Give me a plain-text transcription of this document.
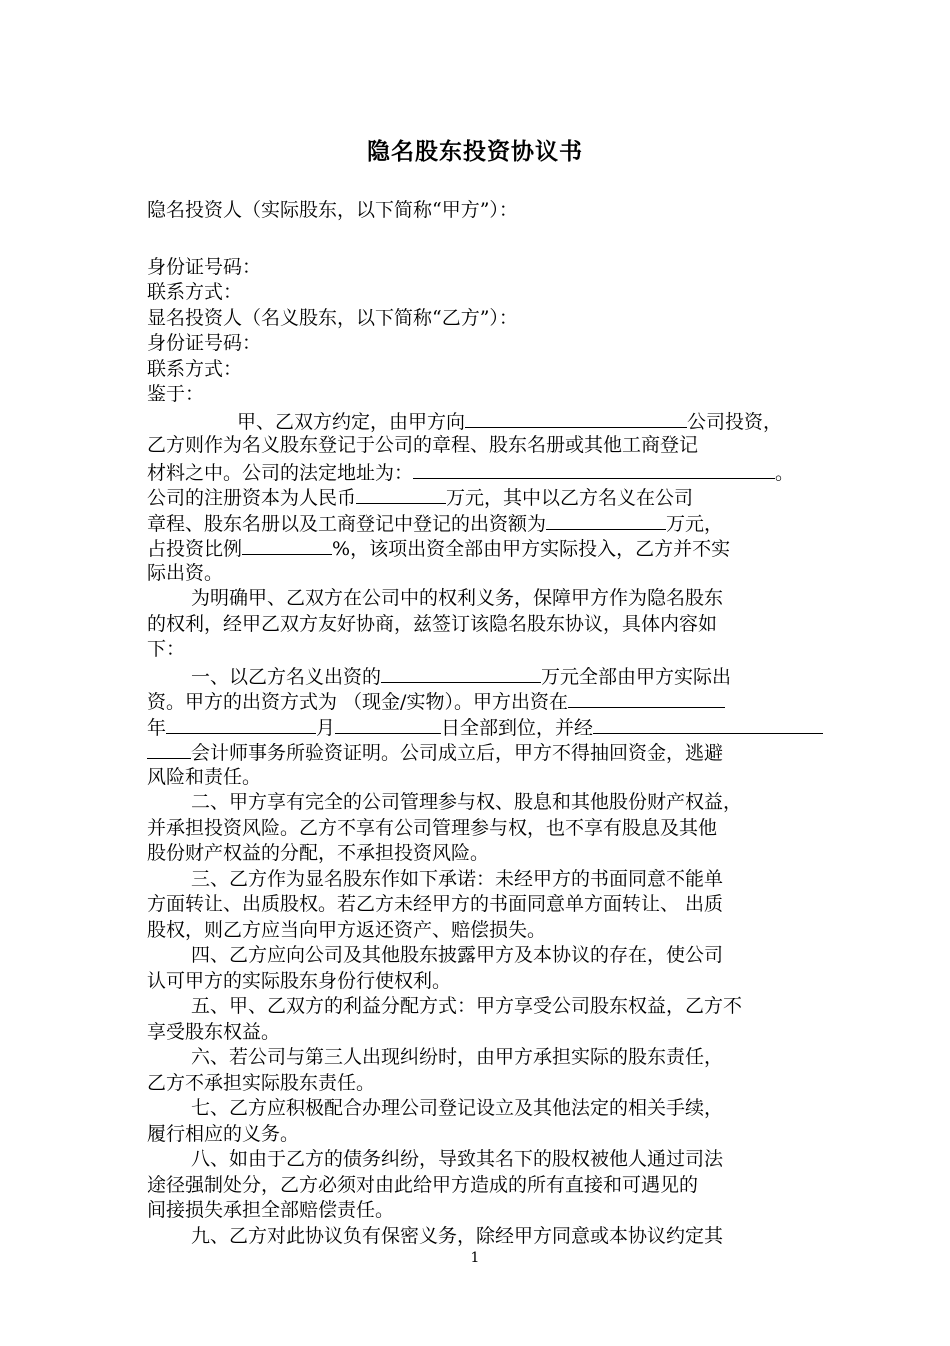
隐名股东投资协议书
隐名投资人（实际股东，以下简称“甲方”）：
身份证号码：
联系方式：
显名投资人（名义股东，以下简称“乙方”）：
身份证号码：
联系方式：
鉴于：
甲、乙双方约定，由甲方向	公司投资，
乙方则作为名义股东登记于公司的章程、股东名册或其他工商登记
材料之中。公司的法定地址为：	。
公司的注册资本为人民币	万元，其中以乙方名义在公司
章程、股东名册以及工商登记中登记的出资额为	万元，
占投资比例	%，该项出资全部由甲方实际投入，乙方并不实
际出资。
为明确甲、乙双方在公司中的权利义务，保障甲方作为隐名股东
的权利，经甲乙双方友好协商，兹签订该隐名股东协议，具体内容如
下：
一、以乙方名义出资的	万元全部由甲方实际出
资。甲方的出资方式为 （现金/实物）。甲方出资在
年	月	日全部到位，并经
会计师事务所验资证明。公司成立后，甲方不得抽回资金，逃避
风险和责任。
二、甲方享有完全的公司管理参与权、股息和其他股份财产权益，
并承担投资风险。乙方不享有公司管理参与权，也不享有股息及其他
股份财产权益的分配，不承担投资风险。
三、乙方作为显名股东作如下承诺：未经甲方的书面同意不能单
方面转让、出质股权。若乙方未经甲方的书面同意单方面转让、 出质
股权，则乙方应当向甲方返还资产、赔偿损失。
四、乙方应向公司及其他股东披露甲方及本协议的存在，使公司
认可甲方的实际股东身份行使权利。
五、甲、乙双方的利益分配方式：甲方享受公司股东权益，乙方不
享受股东权益。
六、若公司与第三人出现纠纷时，由甲方承担实际的股东责任，
乙方不承担实际股东责任。
七、乙方应积极配合办理公司登记设立及其他法定的相关手续，
履行相应的义务。
八、如由于乙方的债务纠纷，导致其名下的股权被他人通过司法
途径强制处分，乙方必须对由此给甲方造成的所有直接和可遇见的
间接损失承担全部赔偿责任。
九、乙方对此协议负有保密义务，除经甲方同意或本协议约定其
1
